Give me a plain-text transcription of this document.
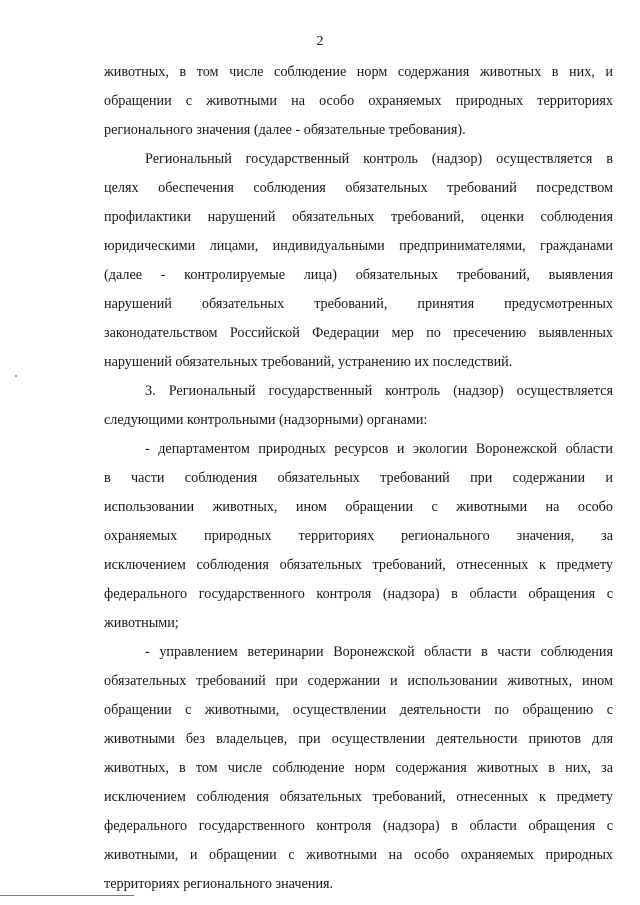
2
животных, в том числе соблюдение норм содержания животных в них, и
обращении с животными на особо охраняемых природных территориях
регионального значения (далее - обязательные требования).
Региональный государственный контроль (надзор) осуществляется в
целях обеспечения соблюдения обязательных требований посредством
профилактики нарушений обязательных требований, оценки соблюдения
юридическими лицами, индивидуальными предпринимателями, гражданами
(далее - контролируемые лица) обязательных требований, выявления
нарушений обязательных требований, принятия предусмотренных
законодательством Российской Федерации мер по пресечению выявленных
нарушений обязательных требований, устранению их последствий.
3. Региональный государственный контроль (надзор) осуществляется
следующими контрольными (надзорными) органами:
- департаментом природных ресурсов и экологии Воронежской области
в части соблюдения обязательных требований при содержании и
использовании животных, ином обращении с животными на особо
охраняемых природных территориях регионального значения, за
исключением соблюдения обязательных требований, отнесенных к предмету
федерального государственного контроля (надзора) в области обращения с
животными;
- управлением ветеринарии Воронежской области в части соблюдения
обязательных требований при содержании и использовании животных, ином
обращении с животными, осуществлении деятельности по обращению с
животными без владельцев, при осуществлении деятельности приютов для
животных, в том числе соблюдение норм содержания животных в них, за
исключением соблюдения обязательных требований, отнесенных к предмету
федерального государственного контроля (надзора) в области обращения с
животными, и обращении с животными на особо охраняемых природных
территориях регионального значения.
